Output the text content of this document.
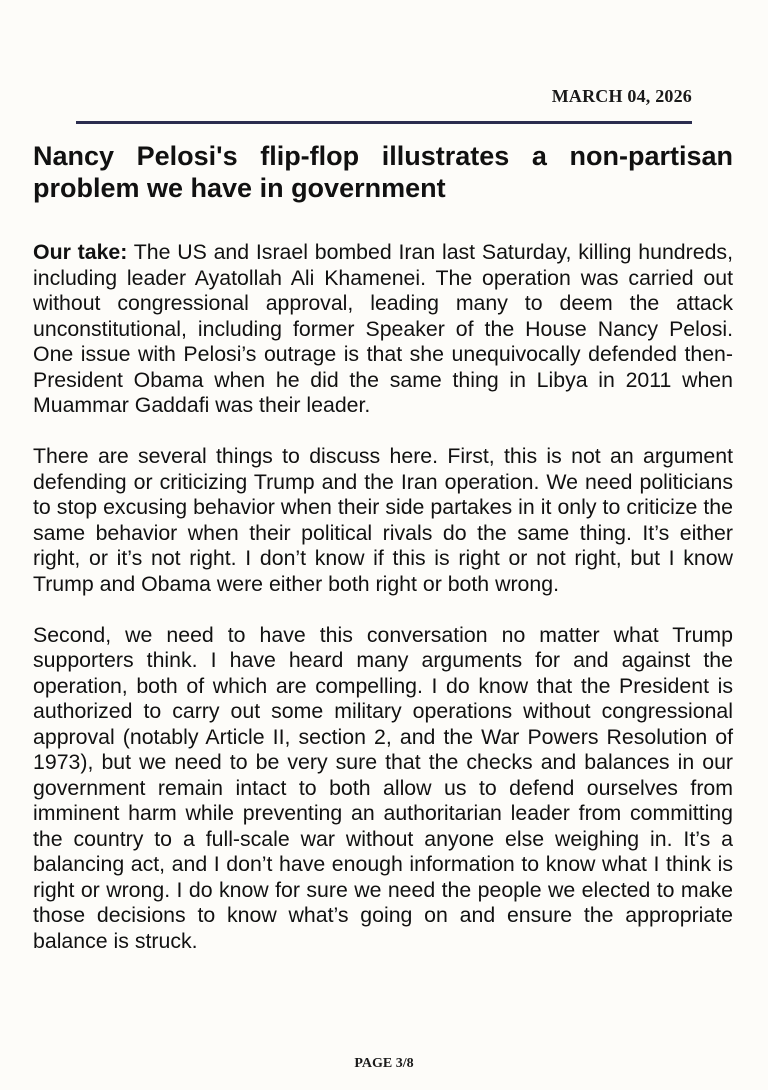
MARCH 04, 2026
Nancy Pelosi's flip-flop illustrates a non-partisan problem we have in government

Our take: The US and Israel bombed Iran last Saturday, killing hundreds, including leader Ayatollah Ali Khamenei. The operation was carried out without congressional approval, leading many to deem the attack unconstitutional, including former Speaker of the House Nancy Pelosi. One issue with Pelosi’s outrage is that she unequivocally defended then-President Obama when he did the same thing in Libya in 2011 when Muammar Gaddafi was their leader.

There are several things to discuss here. First, this is not an argument defending or criticizing Trump and the Iran operation. We need politicians to stop excusing behavior when their side partakes in it only to criticize the same behavior when their political rivals do the same thing. It’s either right, or it’s not right. I don’t know if this is right or not right, but I know Trump and Obama were either both right or both wrong.

Second, we need to have this conversation no matter what Trump supporters think. I have heard many arguments for and against the operation, both of which are compelling. I do know that the President is authorized to carry out some military operations without congressional approval (notably Article II, section 2, and the War Powers Resolution of 1973), but we need to be very sure that the checks and balances in our government remain intact to both allow us to defend ourselves from imminent harm while preventing an authoritarian leader from committing the country to a full-scale war without anyone else weighing in. It’s a balancing act, and I don’t have enough information to know what I think is right or wrong. I do know for sure we need the people we elected to make those decisions to know what’s going on and ensure the appropriate balance is struck.

PAGE 3/8
